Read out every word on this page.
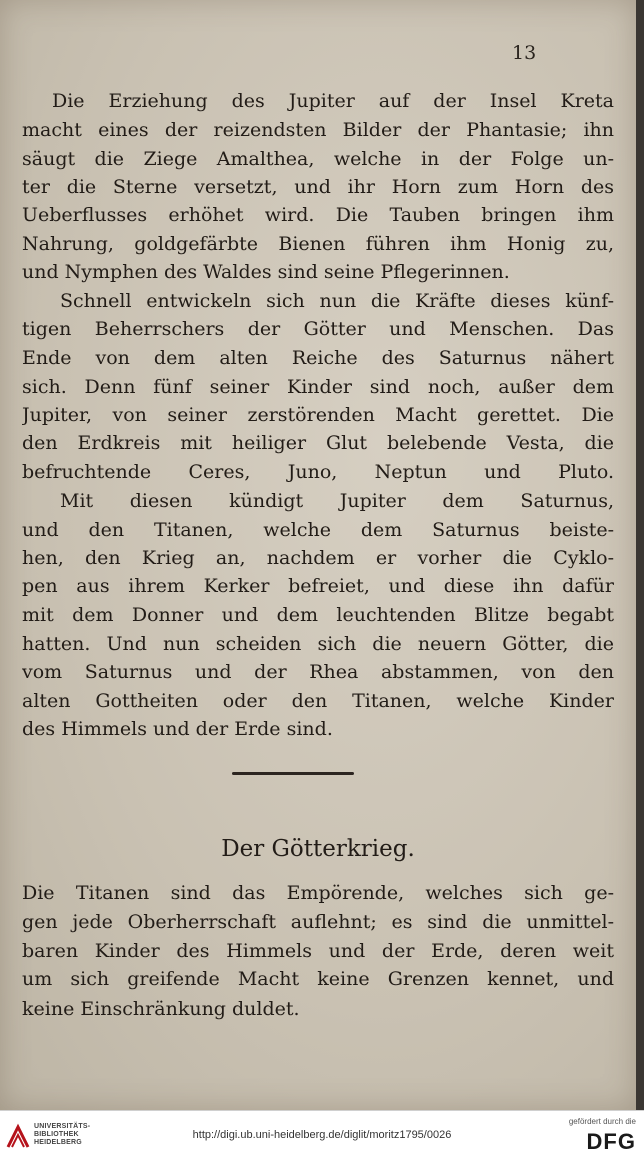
13
Die Erziehung des Jupiter auf der Insel Kreta
macht eines der reizendsten Bilder der Phantasie; ihn
säugt die Ziege Amalthea, welche in der Folge un-
ter die Sterne versetzt, und ihr Horn zum Horn des
Ueberflusses erhöhet wird. Die Tauben bringen ihm
Nahrung, goldgefärbte Bienen führen ihm Honig zu,
und Nymphen des Waldes sind seine Pflegerinnen.
Schnell entwickeln sich nun die Kräfte dieses künf-
tigen Beherrschers der Götter und Menschen. Das
Ende von dem alten Reiche des Saturnus nähert
sich. Denn fünf seiner Kinder sind noch, außer dem
Jupiter, von seiner zerstörenden Macht gerettet. Die
den Erdkreis mit heiliger Glut belebende Vesta, die
befruchtende Ceres, Juno, Neptun und Pluto.
Mit diesen kündigt Jupiter dem Saturnus,
und den Titanen, welche dem Saturnus beiste-
hen, den Krieg an, nachdem er vorher die Cyklo-
pen aus ihrem Kerker befreiet, und diese ihn dafür
mit dem Donner und dem leuchtenden Blitze begabt
hatten. Und nun scheiden sich die neuern Götter, die
vom Saturnus und der Rhea abstammen, von den
alten Gottheiten oder den Titanen, welche Kinder
des Himmels und der Erde sind.
Der Götterkrieg.
Die Titanen sind das Empörende, welches sich ge-
gen jede Oberherrschaft auflehnt; es sind die unmittel-
baren Kinder des Himmels und der Erde, deren weit
um sich greifende Macht keine Grenzen kennet, und
keine Einschränkung duldet.
UNIVERSITÄTS-
BIBLIOTHEK
HEIDELBERG
http://digi.ub.uni-heidelberg.de/diglit/moritz1795/0026
gefördert durch die
DFG
